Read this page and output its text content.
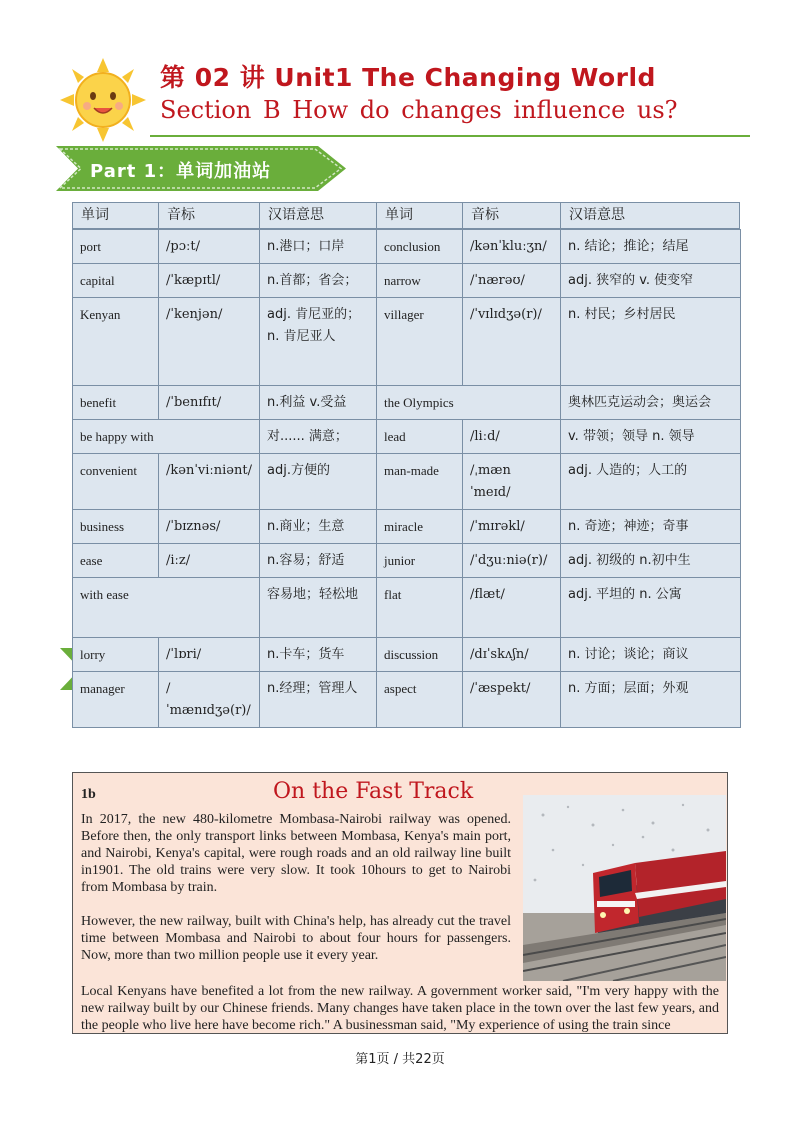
第 02 讲 Unit1 The Changing World
Section B How do changes influence us?
Part 1：单词加油站
单词	音标	汉语意思	单词	音标	汉语意思
port	/pɔːt/	n.港口；口岸	conclusion	/kənˈkluːʒn/	n. 结论；推论；结尾
capital	/ˈkæpɪtl/	n.首都；省会；	narrow	/ˈnærəʊ/	adj. 狭窄的 v. 使变窄
Kenyan	/ˈkenjən/	adj. 肯尼亚的；n. 肯尼亚人	villager	/ˈvɪlɪdʒə(r)/	n. 村民；乡村居民
benefit	/ˈbenɪfɪt/	n.利益 v.受益	the Olympics		奥林匹克运动会；奥运会
be happy with		对...... 满意；	lead	/liːd/	v. 带领；领导 n. 领导
convenient	/kənˈviːniənt/	adj.方便的	man-made	/ˌmæn ˈmeɪd/	adj. 人造的；人工的
business	/ˈbɪznəs/	n.商业；生意	miracle	/ˈmɪrəkl/	n. 奇迹；神迹；奇事
ease	/iːz/	n.容易；舒适	junior	/ˈdʒuːniə(r)/	adj. 初级的 n.初中生
with ease		容易地；轻松地	flat	/flæt/	adj. 平坦的 n. 公寓
lorry	/ˈlɒri/	n.卡车；货车	discussion	/dɪˈskʌʃn/	n. 讨论；谈论；商议
manager	/ˈmænɪdʒə(r)/	n.经理；管理人	aspect	/ˈæspekt/	n. 方面；层面；外观
1b	On the Fast Track

In 2017, the new 480-kilometre Mombasa-Nairobi railway was opened. Before then, the only transport links between Mombasa, Kenya's main port, and Nairobi, Kenya's capital, were rough roads and an old railway line built in1901. The old trains were very slow. It took 10hours to get to Nairobi from Mombasa by train.

However, the new railway, built with China's help, has already cut the travel time between Mombasa and Nairobi to about four hours for passengers. Now, more than two million people use it every year.

Local Kenyans have benefited a lot from the new railway. A government worker said, "I'm very happy with the new railway built by our Chinese friends. Many changes have taken place in the town over the last few years, and the people who live here have become rich." A businessman said, "My experience of using the train since

第1页 / 共22页
